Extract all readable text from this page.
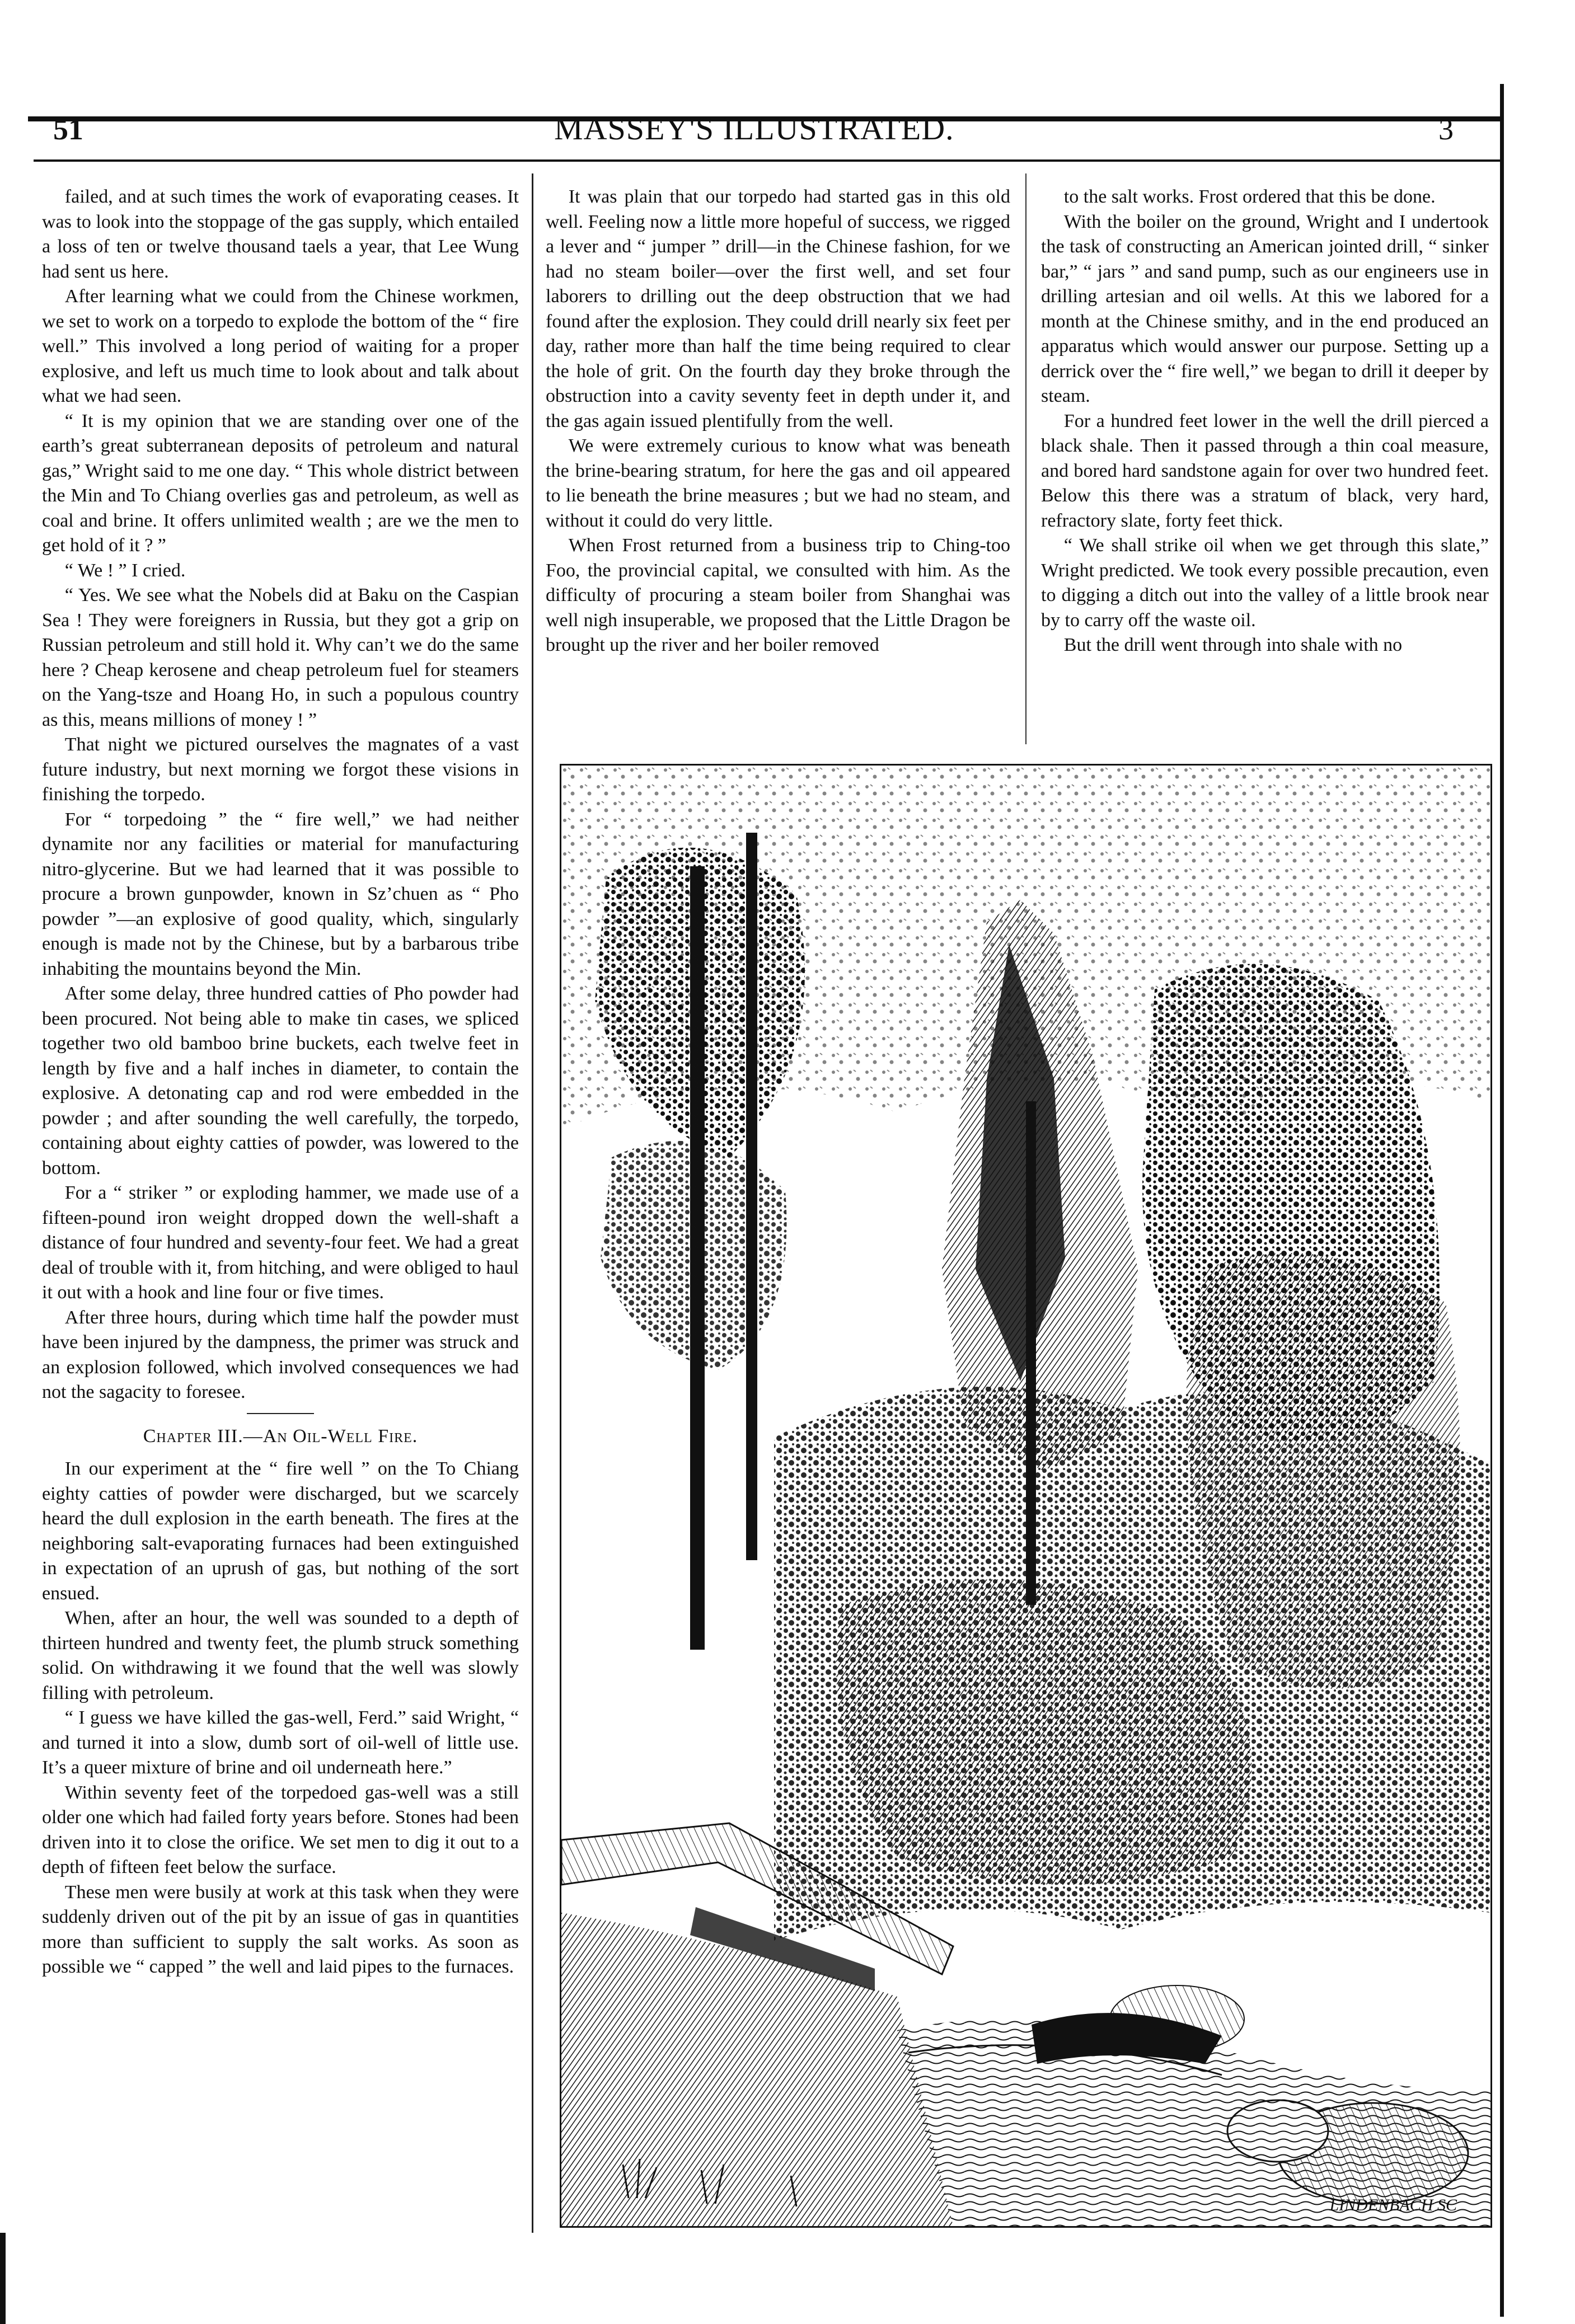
51	MASSEY'S ILLUSTRATED.	3

failed, and at such times the work of evaporating ceases. It was to look into the stoppage of the gas supply, which entailed a loss of ten or twelve thousand taels a year, that Lee Wung had sent us here.

After learning what we could from the Chinese workmen, we set to work on a torpedo to explode the bottom of the “ fire well.” This involved a long period of waiting for a proper explosive, and left us much time to look about and talk about what we had seen.

“ It is my opinion that we are standing over one of the earth’s great subterranean deposits of petroleum and natural gas,” Wright said to me one day. “ This whole district between the Min and To Chiang overlies gas and petroleum, as well as coal and brine. It offers unlimited wealth ; are we the men to get hold of it ? ”

“ We ! ” I cried.

“ Yes. We see what the Nobels did at Baku on the Caspian Sea ! They were foreigners in Russia, but they got a grip on Russian petroleum and still hold it. Why can’t we do the same here ? Cheap kerosene and cheap petroleum fuel for steamers on the Yang-tsze and Hoang Ho, in such a populous country as this, means millions of money ! ”

That night we pictured ourselves the magnates of a vast future industry, but next morning we forgot these visions in finishing the torpedo.

For “ torpedoing ” the “ fire well,” we had neither dynamite nor any facilities or material for manufacturing nitro-glycerine. But we had learned that it was possible to procure a brown gunpowder, known in Sz’chuen as “ Pho powder ”—an explosive of good quality, which, singularly enough is made not by the Chinese, but by a barbarous tribe inhabiting the mountains beyond the Min.

After some delay, three hundred catties of Pho powder had been procured. Not being able to make tin cases, we spliced together two old bamboo brine buckets, each twelve feet in length by five and a half inches in diameter, to contain the explosive. A detonating cap and rod were embedded in the powder ; and after sounding the well carefully, the torpedo, containing about eighty catties of powder, was lowered to the bottom.

For a “ striker ” or exploding hammer, we made use of a fifteen-pound iron weight dropped down the well-shaft a distance of four hundred and seventy-four feet. We had a great deal of trouble with it, from hitching, and were obliged to haul it out with a hook and line four or five times.

After three hours, during which time half the powder must have been injured by the dampness, the primer was struck and an explosion followed, which involved consequences we had not the sagacity to foresee.

Chapter III.—An Oil-Well Fire.

In our experiment at the “ fire well ” on the To Chiang eighty catties of powder were discharged, but we scarcely heard the dull explosion in the earth beneath. The fires at the neighboring salt-evaporating furnaces had been extinguished in expectation of an uprush of gas, but nothing of the sort ensued.

When, after an hour, the well was sounded to a depth of thirteen hundred and twenty feet, the plumb struck something solid. On withdrawing it we found that the well was slowly filling with petroleum.

“ I guess we have killed the gas-well, Ferd.” said Wright, “ and turned it into a slow, dumb sort of oil-well of little use. It’s a queer mixture of brine and oil underneath here.”

Within seventy feet of the torpedoed gas-well was a still older one which had failed forty years before. Stones had been driven into it to close the orifice. We set men to dig it out to a depth of fifteen feet below the surface.

These men were busily at work at this task when they were suddenly driven out of the pit by an issue of gas in quantities more than sufficient to supply the salt works. As soon as possible we “ capped ” the well and laid pipes to the furnaces.

It was plain that our torpedo had started gas in this old well. Feeling now a little more hopeful of success, we rigged a lever and “ jumper ” drill—in the Chinese fashion, for we had no steam boiler—over the first well, and set four laborers to drilling out the deep obstruction that we had found after the explosion. They could drill nearly six feet per day, rather more than half the time being required to clear the hole of grit. On the fourth day they broke through the obstruction into a cavity seventy feet in depth under it, and the gas again issued plentifully from the well.

We were extremely curious to know what was beneath the brine-bearing stratum, for here the gas and oil appeared to lie beneath the brine measures ; but we had no steam, and without it could do very little.

When Frost returned from a business trip to Ching-too Foo, the provincial capital, we consulted with him. As the difficulty of procuring a steam boiler from Shanghai was well nigh insuperable, we proposed that the Little Dragon be brought up the river and her boiler removed

to the salt works. Frost ordered that this be done.

With the boiler on the ground, Wright and I undertook the task of constructing an American jointed drill, “ sinker bar,” “ jars ” and sand pump, such as our engineers use in drilling artesian and oil wells. At this we labored for a month at the Chinese smithy, and in the end produced an apparatus which would answer our purpose. Setting up a derrick over the “ fire well,” we began to drill it deeper by steam.

For a hundred feet lower in the well the drill pierced a black shale. Then it passed through a thin coal measure, and bored hard sandstone again for over two hundred feet. Below this there was a stratum of black, very hard, refractory slate, forty feet thick.

“ We shall strike oil when we get through this slate,” Wright predicted. We took every possible precaution, even to digging a ditch out into the valley of a little brook near by to carry off the waste oil.

But the drill went through into shale with no

LINDENBACH SC
